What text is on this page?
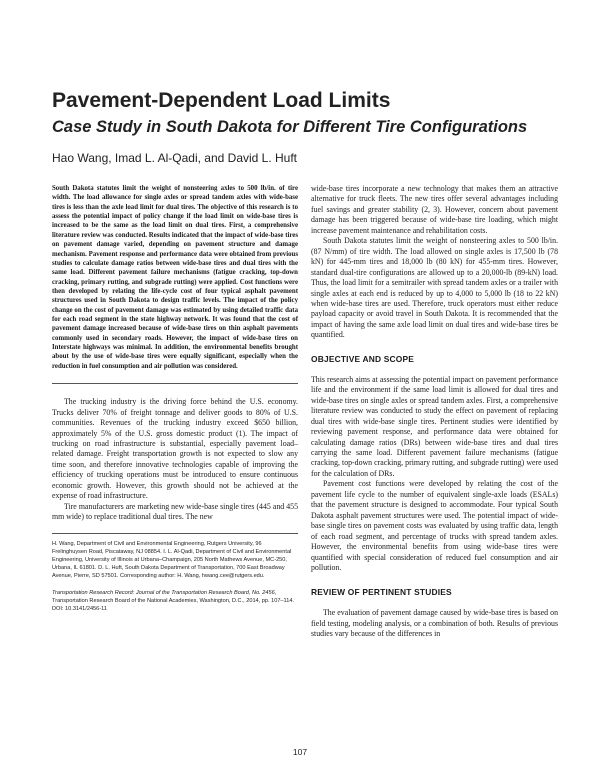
Pavement-Dependent Load Limits
Case Study in South Dakota for Different Tire Configurations

Hao Wang, Imad L. Al-Qadi, and David L. Huft

South Dakota statutes limit the weight of nonsteering axles to 500 lb/in. of tire width. The load allowance for single axles or spread tandem axles with wide-base tires is less than the axle load limit for dual tires. The objective of this research is to assess the potential impact of policy change if the load limit on wide-base tires is increased to be the same as the load limit on dual tires. First, a comprehensive literature review was conducted. Results indicated that the impact of wide-base tires on pavement damage varied, depending on pavement structure and damage mechanism. Pavement response and performance data were obtained from previous studies to calculate damage ratios between wide-base tires and dual tires with the same load. Different pavement failure mechanisms (fatigue cracking, top-down cracking, primary rutting, and subgrade rutting) were applied. Cost functions were then developed by relating the life-cycle cost of four typical asphalt pavement structures used in South Dakota to design traffic levels. The impact of the policy change on the cost of pavement damage was estimated by using detailed traffic data for each road segment in the state highway network. It was found that the cost of pavement damage increased because of wide-base tires on thin asphalt pavements commonly used in secondary roads. However, the impact of wide-base tires on Interstate highways was minimal. In addition, the environmental benefits brought about by the use of wide-base tires were equally significant, especially when the reduction in fuel consumption and air pollution was considered.

The trucking industry is the driving force behind the U.S. economy. Trucks deliver 70% of freight tonnage and deliver goods to 80% of U.S. communities. Revenues of the trucking industry exceed $650 billion, approximately 5% of the U.S. gross domestic product (1). The impact of trucking on road infrastructure is substantial, especially pavement load–related damage. Freight transportation growth is not expected to slow any time soon, and therefore innovative technologies capable of improving the efficiency of trucking operations must be introduced to ensure continuous economic growth. However, this growth should not be achieved at the expense of road infrastructure.

Tire manufacturers are marketing new wide-base single tires (445 and 455 mm wide) to replace traditional dual tires. The new

H. Wang, Department of Civil and Environmental Engineering, Rutgers University, 96 Frelinghuysen Road, Piscataway, NJ 08854. I. L. Al-Qadi, Department of Civil and Environmental Engineering, University of Illinois at Urbana–Champaign, 205 North Mathews Avenue, MC-250, Urbana, IL 61801. D. L. Huft, South Dakota Department of Transportation, 700 East Broadway Avenue, Pierre, SD 57501. Corresponding author: H. Wang, hwang.cee@rutgers.edu.

Transportation Research Record: Journal of the Transportation Research Board, No. 2456, Transportation Research Board of the National Academies, Washington, D.C., 2014, pp. 107–114.

DOI: 10.3141/2456-11

wide-base tires incorporate a new technology that makes them an attractive alternative for truck fleets. The new tires offer several advantages including fuel savings and greater stability (2, 3). However, concern about pavement damage has been triggered because of wide-base tire loading, which might increase pavement maintenance and rehabilitation costs.

South Dakota statutes limit the weight of nonsteering axles to 500 lb/in. (87 N/mm) of tire width. The load allowed on single axles is 17,500 lb (78 kN) for 445-mm tires and 18,000 lb (80 kN) for 455-mm tires. However, standard dual-tire configurations are allowed up to a 20,000-lb (89-kN) load. Thus, the load limit for a semitrailer with spread tandem axles or a trailer with single axles at each end is reduced by up to 4,000 to 5,000 lb (18 to 22 kN) when wide-base tires are used. Therefore, truck operators must either reduce payload capacity or avoid travel in South Dakota. It is recommended that the impact of having the same axle load limit on dual tires and wide-base tires be quantified.

OBJECTIVE AND SCOPE

This research aims at assessing the potential impact on pavement performance life and the environment if the same load limit is allowed for dual tires and wide-base tires on single axles or spread tandem axles. First, a comprehensive literature review was conducted to study the effect on pavement of replacing dual tires with wide-base single tires. Pertinent studies were identified by reviewing pavement response, and performance data were obtained for calculating damage ratios (DRs) between wide-base tires and dual tires carrying the same load. Different pavement failure mechanisms (fatigue cracking, top-down cracking, primary rutting, and subgrade rutting) were used for the calculation of DRs.

Pavement cost functions were developed by relating the cost of the pavement life cycle to the number of equivalent single-axle loads (ESALs) that the pavement structure is designed to accommodate. Four typical South Dakota asphalt pavement structures were used. The potential impact of wide-base single tires on pavement costs was evaluated by using traffic data, length of each road segment, and percentage of trucks with spread tandem axles. However, the environmental benefits from using wide-base tires were quantified with special consideration of reduced fuel consumption and air pollution.

REVIEW OF PERTINENT STUDIES

The evaluation of pavement damage caused by wide-base tires is based on field testing, modeling analysis, or a combination of both. Results of previous studies vary because of the differences in

107
